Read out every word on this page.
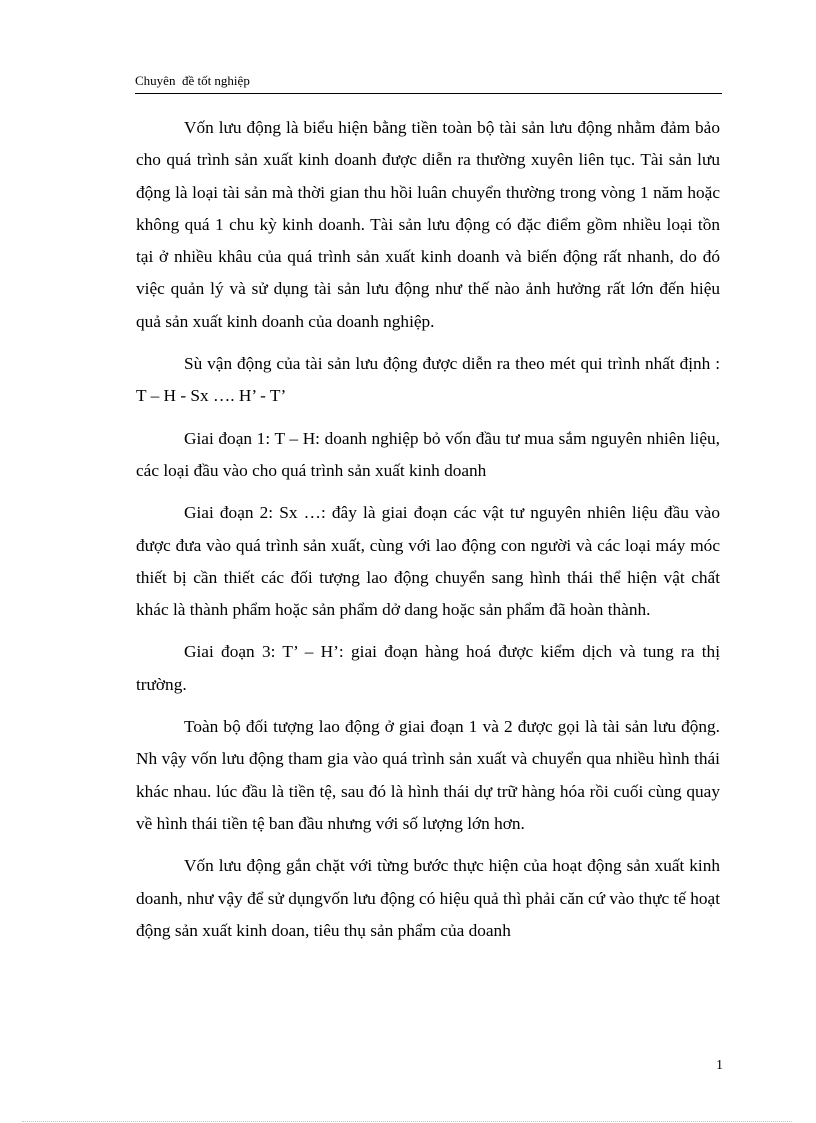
Chuyên  đề tốt nghiệp

Vốn lưu động là biểu hiện bằng tiền toàn bộ tài sản lưu động nhằm đảm bảo cho quá trình sản xuất kinh doanh được diễn ra thường xuyên liên tục. Tài sản lưu động là loại tài sản mà thời gian thu hồi luân chuyển thường trong vòng 1 năm hoặc không quá 1 chu kỳ kinh doanh. Tài sản lưu động có đặc điểm gồm nhiều loại tồn tại ở nhiều khâu của quá trình sản xuất kinh doanh và biến động rất nhanh, do đó việc quản lý và sử dụng tài sản lưu động như thế nào ảnh hưởng rất lớn đến hiệu quả sản xuất kinh doanh của doanh nghiệp.

Sù vận động của tài sản lưu động được diễn ra theo mét qui trình nhất định : T – H - Sx …. H’ - T’

Giai đoạn 1: T – H: doanh nghiệp bỏ vốn đầu tư mua sắm nguyên nhiên liệu, các loại đầu vào cho quá trình sản xuất kinh doanh

Giai đoạn 2: Sx …: đây là giai đoạn các vật tư nguyên nhiên liệu đầu vào được đưa vào quá trình sản xuất, cùng với lao động con người và các loại máy móc thiết bị cần thiết các đối tượng lao động chuyển sang hình thái thể hiện vật chất khác là thành phẩm hoặc sản phẩm dở dang hoặc sản phẩm đã hoàn thành.

Giai đoạn 3: T’ – H’: giai đoạn hàng hoá được kiểm dịch và tung ra thị trường.

Toàn bộ đối tượng lao động ở giai đoạn 1 và 2 được gọi là tài sản lưu động. Nh vậy vốn lưu động tham gia vào quá trình sản xuất và chuyển qua nhiều hình thái khác nhau. lúc đầu là tiền tệ, sau đó là hình thái dự trữ hàng hóa rồi cuối cùng quay về hình thái tiền tệ ban đầu nhưng với số lượng lớn hơn.

Vốn lưu động gắn chặt với từng bước thực hiện của hoạt động sản xuất kinh doanh, như vậy để sử dụngvốn lưu động có hiệu quả thì phải căn cứ vào thực tế hoạt động sản xuất kinh doan, tiêu thụ sản phẩm của doanh

1
